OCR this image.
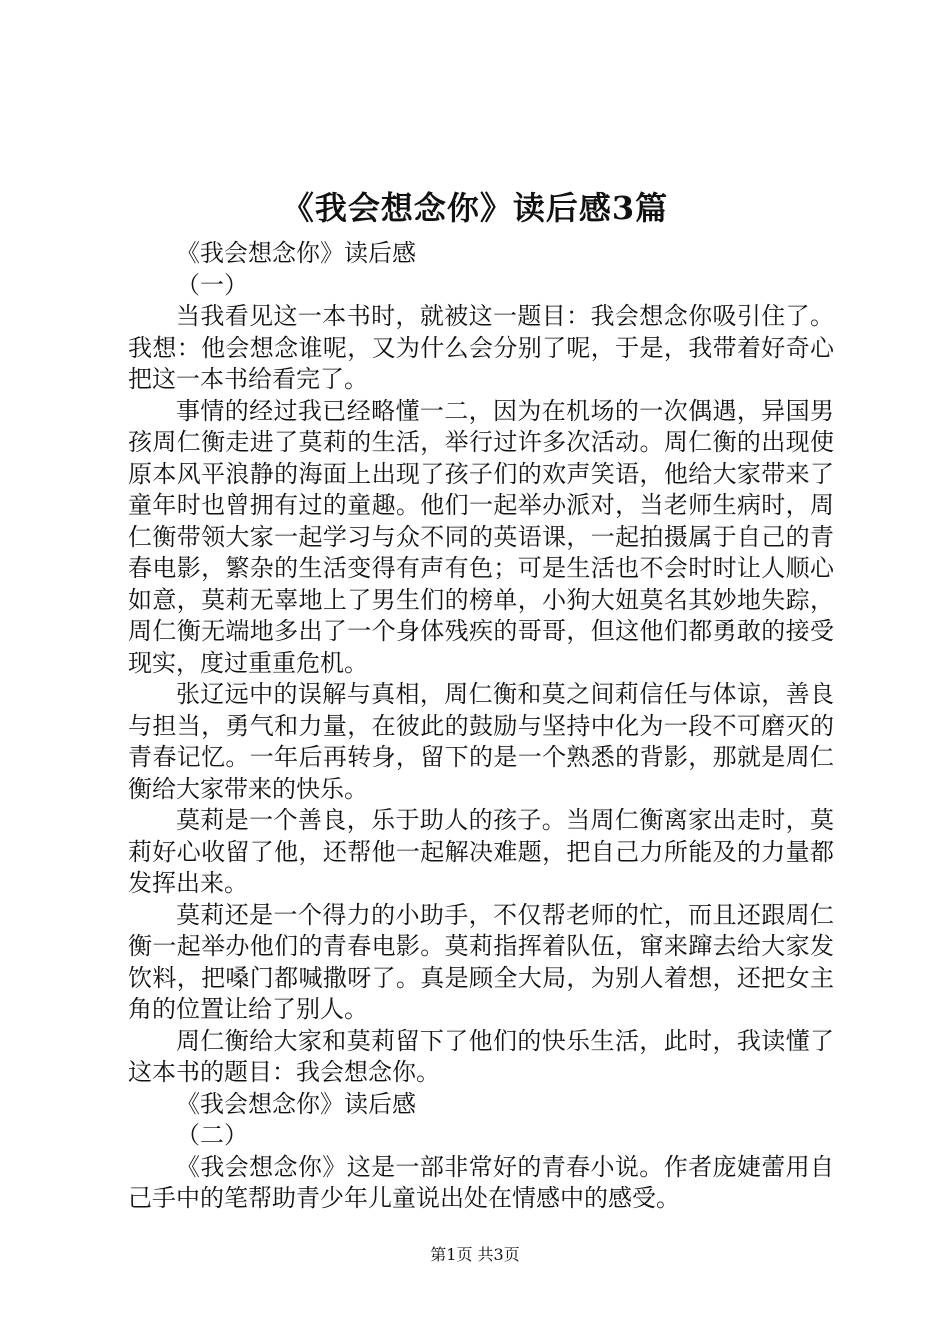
《我会想念你》读后感3篇

《我会想念你》读后感

（一）

当我看见这一本书时，就被这一题目：我会想念你吸引住了。我想：他会想念谁呢，又为什么会分别了呢，于是，我带着好奇心把这一本书给看完了。

事情的经过我已经略懂一二，因为在机场的一次偶遇，异国男孩周仁衡走进了莫莉的生活，举行过许多次活动。周仁衡的出现使原本风平浪静的海面上出现了孩子们的欢声笑语，他给大家带来了童年时也曾拥有过的童趣。他们一起举办派对，当老师生病时，周仁衡带领大家一起学习与众不同的英语课，一起拍摄属于自己的青春电影，繁杂的生活变得有声有色；可是生活也不会时时让人顺心如意，莫莉无辜地上了男生们的榜单，小狗大妞莫名其妙地失踪，周仁衡无端地多出了一个身体残疾的哥哥，但这他们都勇敢的接受现实，度过重重危机。

张辽远中的误解与真相，周仁衡和莫之间莉信任与体谅，善良与担当，勇气和力量，在彼此的鼓励与坚持中化为一段不可磨灭的青春记忆。一年后再转身，留下的是一个熟悉的背影，那就是周仁衡给大家带来的快乐。

莫莉是一个善良，乐于助人的孩子。当周仁衡离家出走时，莫莉好心收留了他，还帮他一起解决难题，把自己力所能及的力量都发挥出来。

莫莉还是一个得力的小助手，不仅帮老师的忙，而且还跟周仁衡一起举办他们的青春电影。莫莉指挥着队伍，窜来蹿去给大家发饮料，把嗓门都喊撒呀了。真是顾全大局，为别人着想，还把女主角的位置让给了别人。

周仁衡给大家和莫莉留下了他们的快乐生活，此时，我读懂了这本书的题目：我会想念你。

《我会想念你》读后感

（二）

《我会想念你》这是一部非常好的青春小说。作者庞婕蕾用自己手中的笔帮助青少年儿童说出处在情感中的感受。

第1页 共3页
